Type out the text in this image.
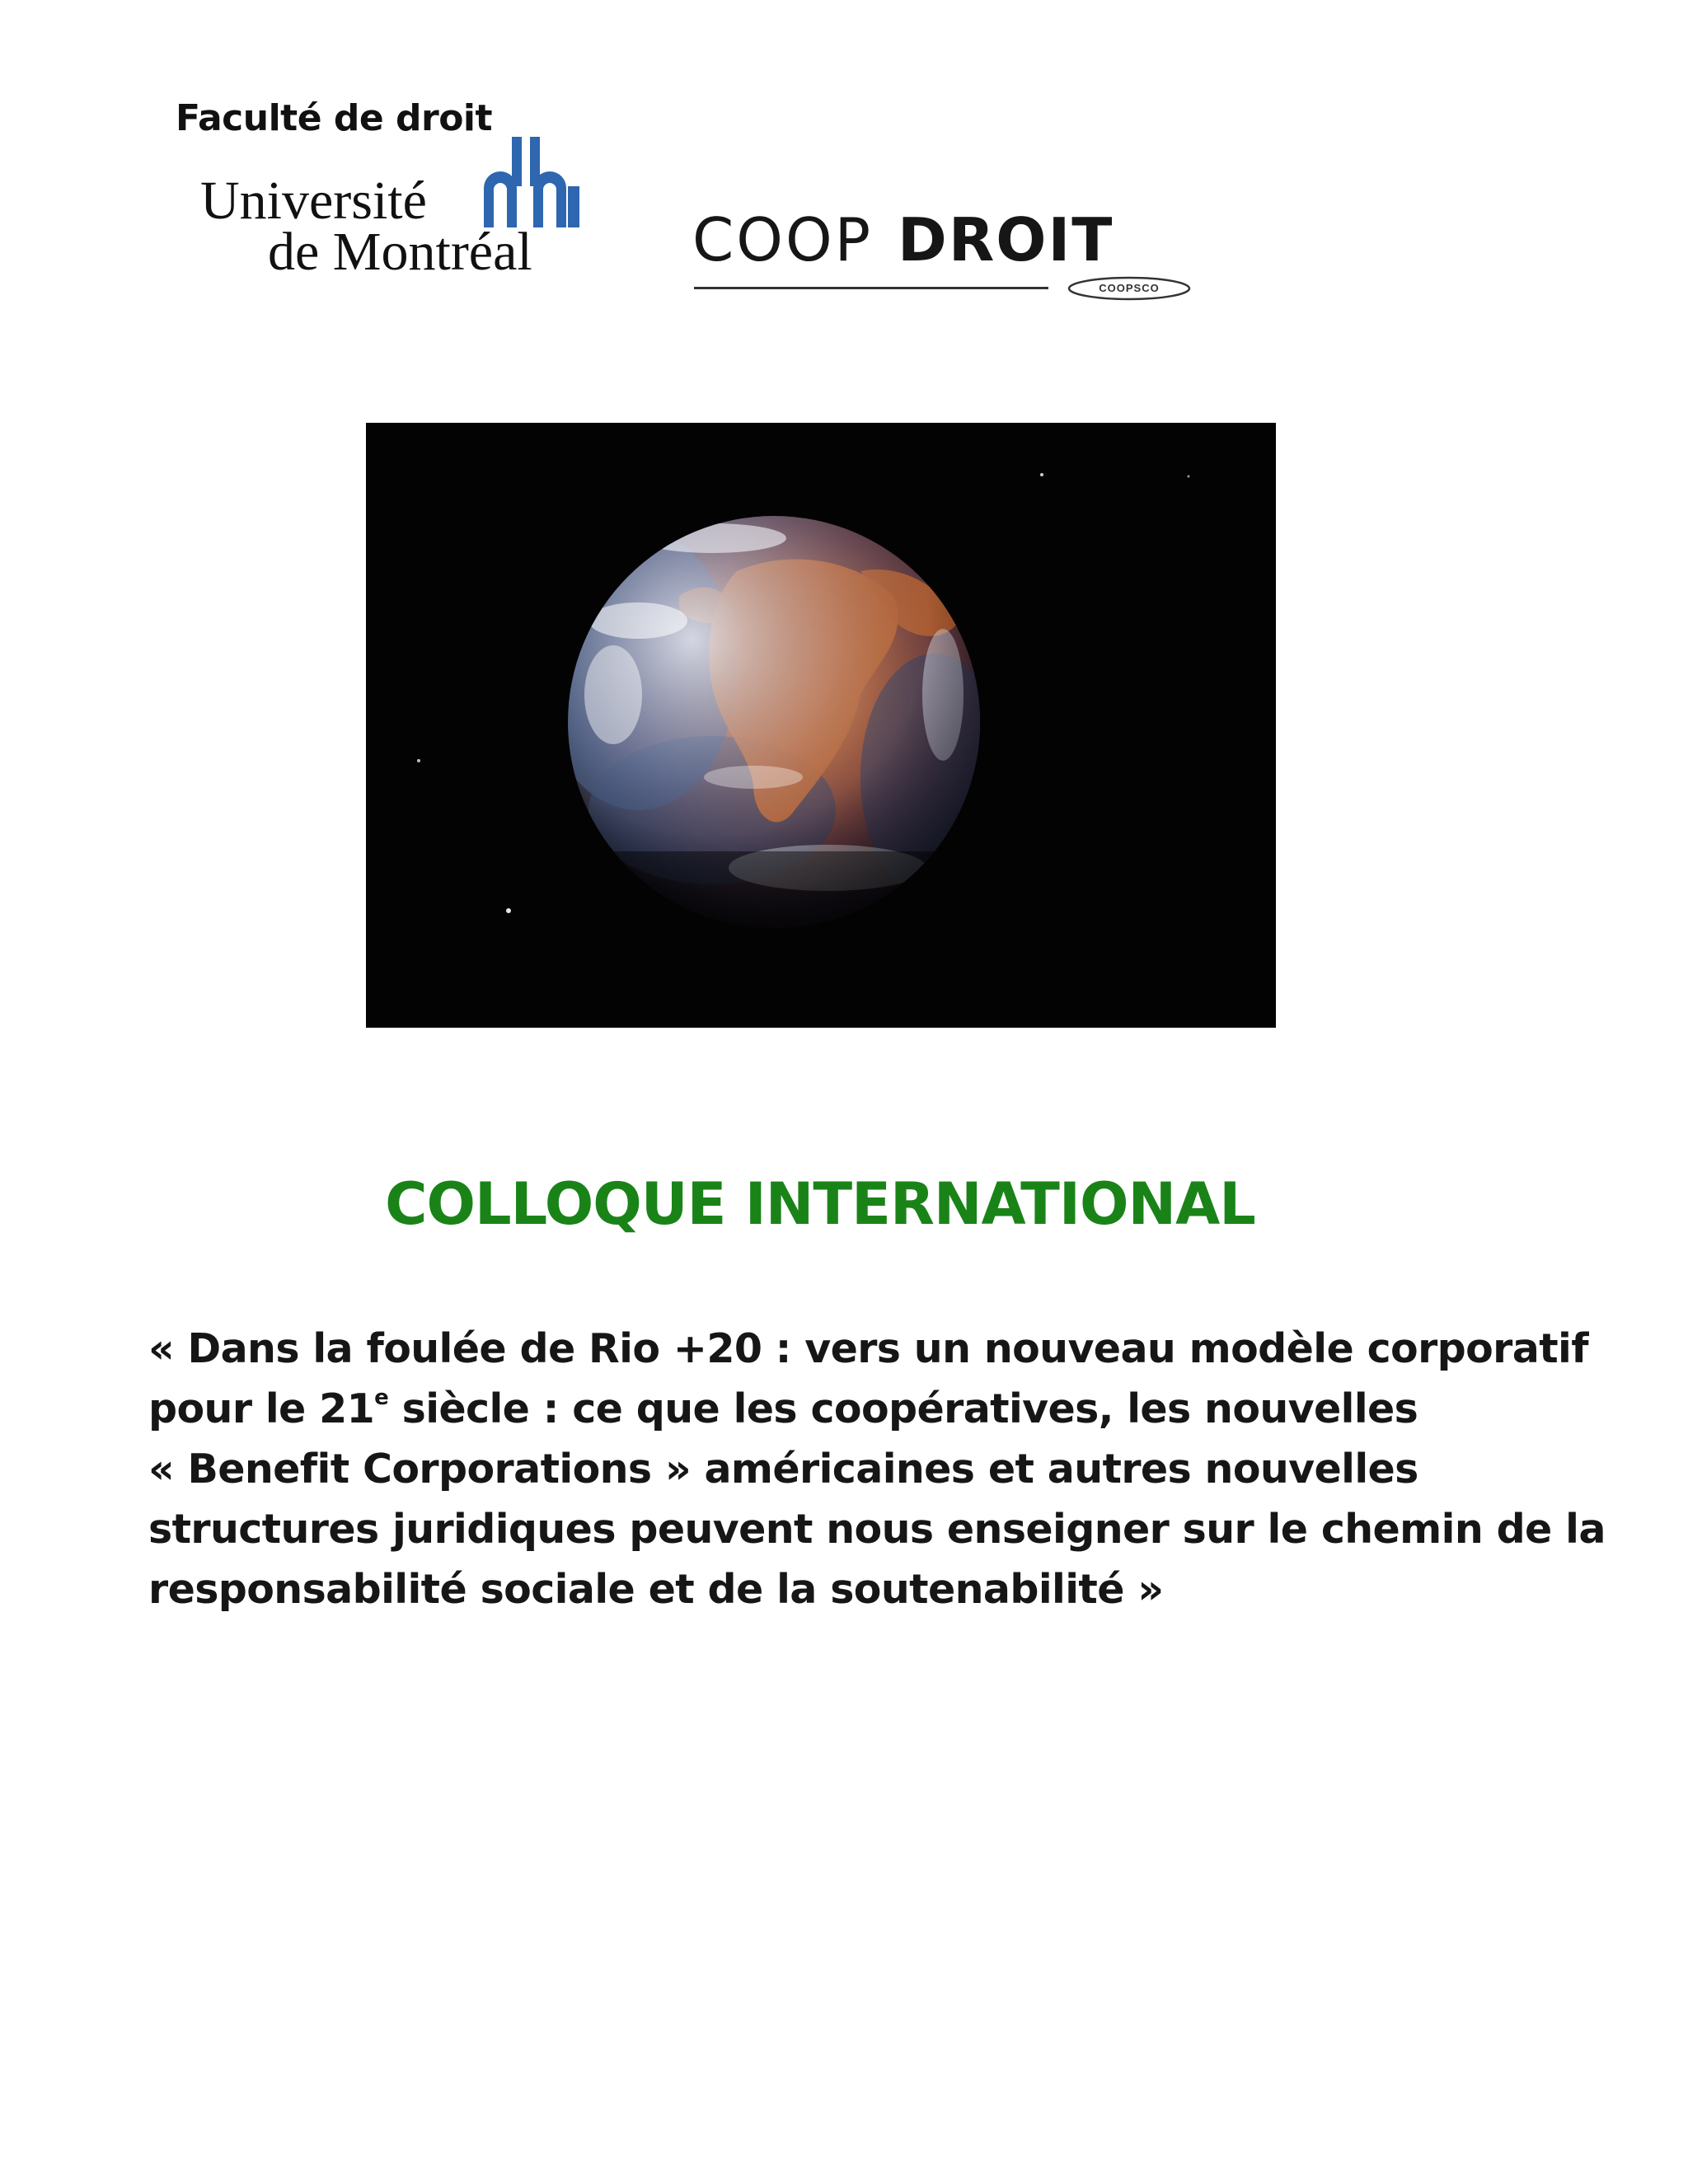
Faculté de droit
Université
de Montréal	COOP DROIT
COOPSCO
COLLOQUE INTERNATIONAL
« Dans la foulée de Rio +20 : vers un nouveau modèle corporatif
pour le 21e siècle : ce que les coopératives, les nouvelles
« Benefit Corporations » américaines et autres nouvelles
structures juridiques peuvent nous enseigner sur le chemin de la
responsabilité sociale et de la soutenabilité »
